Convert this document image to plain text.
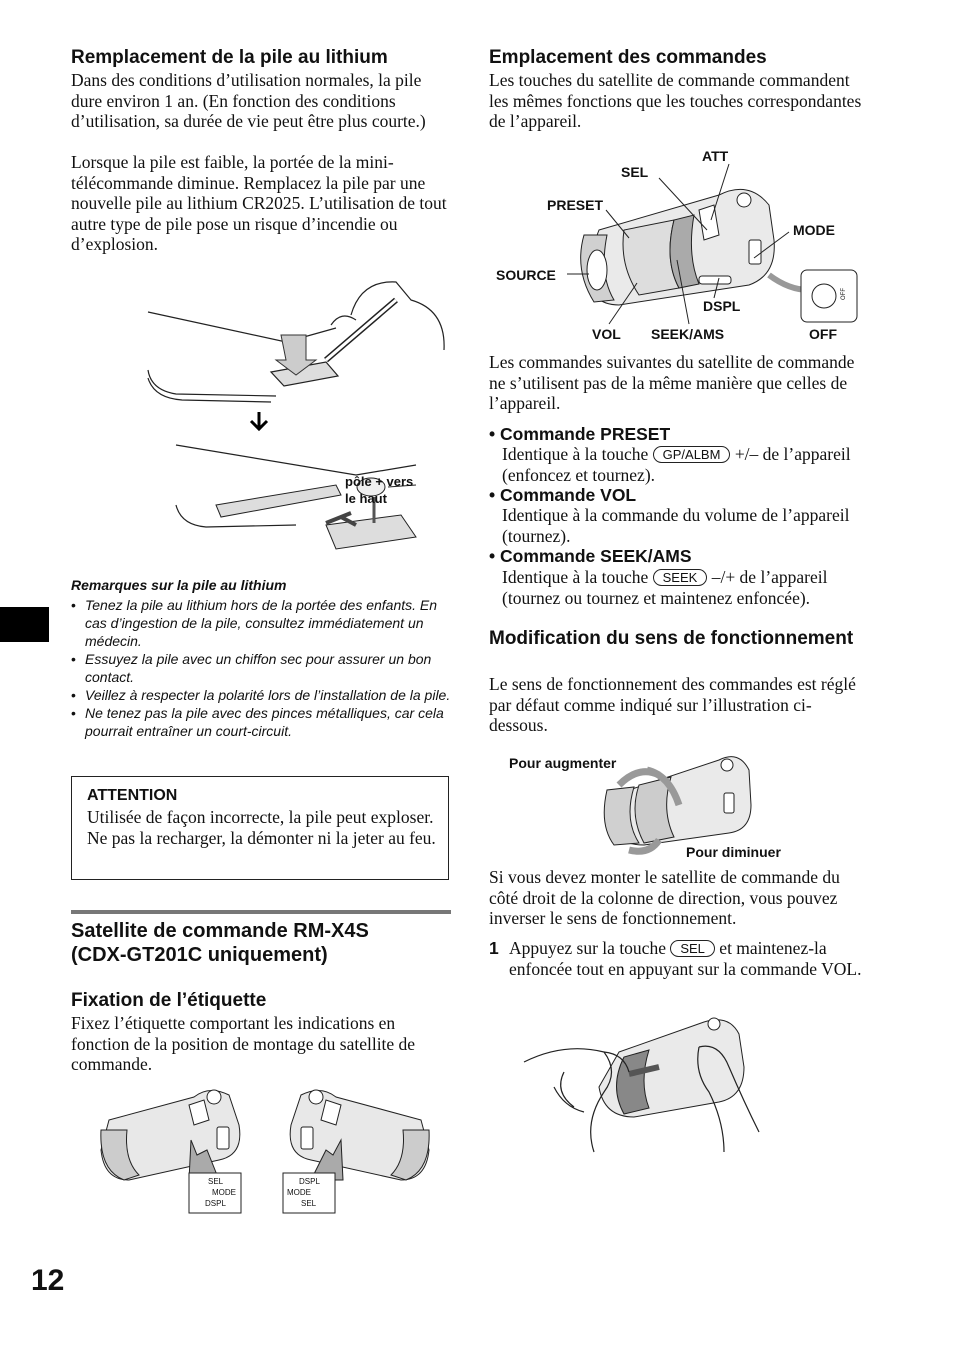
Remplacement de la pile au lithium

Dans des conditions d’utilisation normales, la pile dure environ 1 an. (En fonction des conditions d’utilisation, sa durée de vie peut être plus courte.)

Lorsque la pile est faible, la portée de la mini-télécommande diminue. Remplacez la pile par une nouvelle pile au lithium CR2025. L’utilisation de tout autre type de pile pose un risque d’incendie ou d’explosion.

pôle + vers
le haut
Remarques sur la pile au lithium
• Tenez la pile au lithium hors de la portée des enfants. En cas d’ingestion de la pile, consultez immédiatement un médecin.
• Essuyez la pile avec un chiffon sec pour assurer un bon contact.
• Veillez à respecter la polarité lors de l’installation de la pile.
• Ne tenez pas la pile avec des pinces métalliques, car cela pourrait entraîner un court-circuit.
ATTENTION
Utilisée de façon incorrecte, la pile peut exploser. Ne pas la recharger, la démonter ni la jeter au feu.
Satellite de commande RM-X4S (CDX-GT201C uniquement)
Fixation de l’étiquette

Fixez l’étiquette comportant les indications en fonction de la position de montage du satellite de commande.

SEL
MODE
DSPL
DSPL
MODE
SEL
12
Emplacement des commandes

Les touches du satellite de commande commandent les mêmes fonctions que les touches correspondantes de l’appareil.

ATT
SEL
PRESET
MODE
SOURCE
DSPL
VOL SEEK/AMS	OFF
OFF

Les commandes suivantes du satellite de commande ne s’utilisent pas de la même manière que celles de l’appareil.

• Commande PRESET
Identique à la touche GP/ALBM +/– de l’appareil (enfoncez et tournez).
• Commande VOL
Identique à la commande du volume de l’appareil (tournez).
• Commande SEEK/AMS
Identique à la touche SEEK –/+ de l’appareil (tournez ou tournez et maintenez enfoncée).
Modification du sens de fonctionnement

Le sens de fonctionnement des commandes est réglé par défaut comme indiqué sur l’illustration ci-dessous.

Pour augmenter
Pour diminuer

Si vous devez monter le satellite de commande du côté droit de la colonne de direction, vous pouvez inverser le sens de fonctionnement.

1 Appuyez sur la touche SEL et maintenez-la enfoncée tout en appuyant sur la commande VOL.
